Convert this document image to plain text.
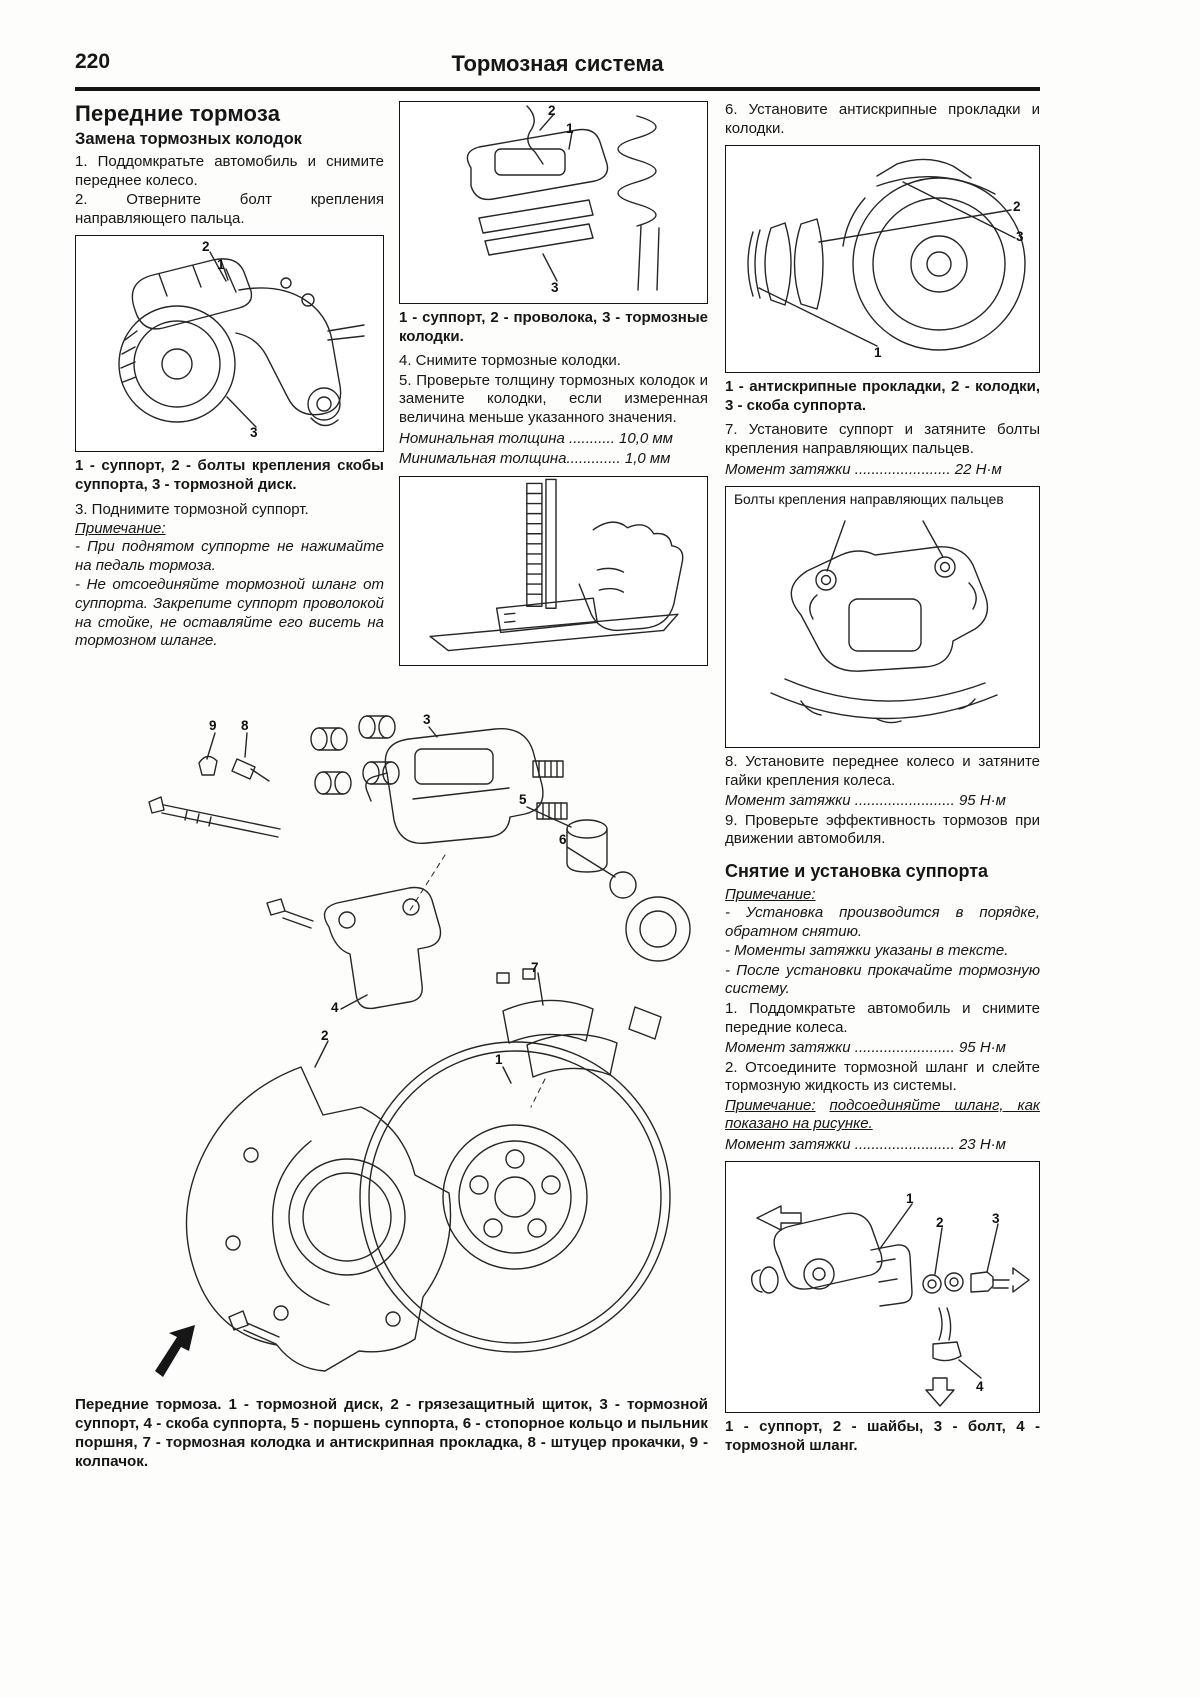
220	Тормозная система
Передние тормоза
Замена тормозных колодок

1. Поддомкратьте автомобиль и снимите переднее колесо.

2. Отверните болт крепления направляющего пальца.

2
1
3

1 - суппорт, 2 - болты крепления скобы суппорта, 3 - тормозной диск.

3. Поднимите тормозной суппорт.

Примечание:

- При поднятом суппорте не нажимайте на педаль тормоза.

- Не отсоединяйте тормозной шланг от суппорта. Закрепите суппорт проволокой на стойке, не оставляйте его висеть на тормозном шланге.

2
1
3

1 - суппорт, 2 - проволока, 3 - тормозные колодки.

4. Снимите тормозные колодки.

5. Проверьте толщину тормозных колодок и замените колодки, если измеренная величина меньше указанного значения.

Номинальная толщина ........... 10,0 мм

Минимальная толщина............. 1,0 мм

9 8	3
5
6
7
4
2
1

Передние тормоза. 1 - тормозной диск, 2 - грязезащитный щиток, 3 - тормозной суппорт, 4 - скоба суппорта, 5 - поршень суппорта, 6 - стопорное кольцо и пыльник поршня, 7 - тормозная колодка и антискрипная прокладка, 8 - штуцер прокачки, 9 - колпачок.

6. Установите антискрипные прокладки и колодки.

2
3
1

1 - антискрипные прокладки, 2 - колодки, 3 - скоба суппорта.

7. Установите суппорт и затяните болты крепления направляющих пальцев.

Момент затяжки ....................... 22 Н·м

Болты крепления направляющих пальцев

8. Установите переднее колесо и затяните гайки крепления колеса.

Момент затяжки ........................ 95 Н·м

9. Проверьте эффективность тормозов при движении автомобиля.

Снятие и установка суппорта

Примечание:

- Установка производится в порядке, обратном снятию.

- Моменты затяжки указаны в тексте.

- После установки прокачайте тормозную систему.

1. Поддомкратьте автомобиль и снимите передние колеса.

Момент затяжки ........................ 95 Н·м

2. Отсоедините тормозной шланг и слейте тормозную жидкость из системы.

Примечание: подсоединяйте шланг, как показано на рисунке.

Момент затяжки ........................ 23 Н·м

1
2	3
4

1 - суппорт, 2 - шайбы, 3 - болт, 4 - тормозной шланг.
